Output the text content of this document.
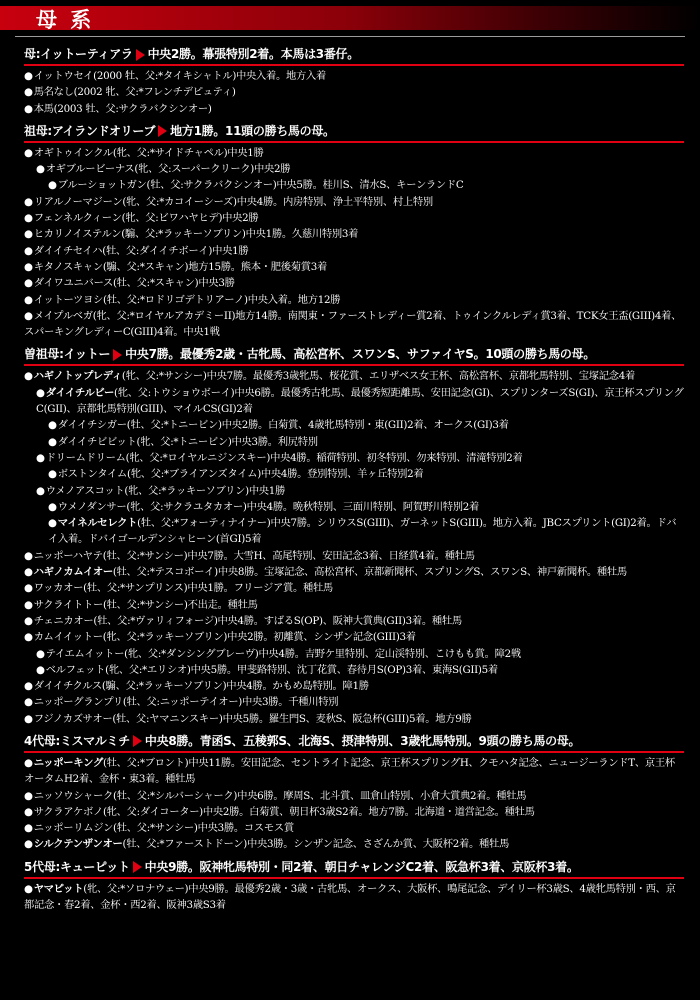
母 系
母:イットーティアラ 中央2勝。幕張特別2着。本馬は3番仔。
●イットウセイ(2000 牡、父:*タイキシャトル)中央入着。地方入着
●馬名なし(2002 牝、父:*フレンチデピュティ)
●本馬(2003 牡、父:サクラバクシンオー)
祖母:アイランドオリーブ 地方1勝。11頭の勝ち馬の母。
●オギトゥインクル(牝、父:*サイドチャペル)中央1勝
●オギブルービーナス(牝、父:スーパークリーク)中央2勝
●ブルーショットガン(牡、父:サクラバクシンオー)中央5勝。桂川S、清水S、キーンランドC
●リアルノーマジーン(牝、父:*カコイーシーズ)中央4勝。内房特別、浄土平特別、村上特別
●フェンネルクィーン(牝、父:ビワハヤヒデ)中央2勝
●ヒカリノイステルン(騸、父:*ラッキーソブリン)中央1勝。久慈川特別3着
●ダイイチセイハ(牡、父:ダイイチボーイ)中央1勝
●キタノスキャン(騸、父:*スキャン)地方15勝。熊本・肥後菊賞3着
●ダイワユニバース(牡、父:*スキャン)中央3勝
●イットーツヨシ(牡、父:*ロドリゴデトリアーノ)中央入着。地方12勝
●メイプルベガ(牝、父:*ロイヤルアカデミーII)地方14勝。南関東・ファーストレディー賞2着、トゥインクルレディ賞3着、TCK女王盃(GIII)4着、スパーキングレディーC(GIII)4着。中央1戦
曽祖母:イットー 中央7勝。最優秀2歳・古牝馬、高松宮杯、スワンS、サファイヤS。10頭の勝ち馬の母。
●ハギノトップレディ(牝、父:*サンシー)中央7勝。最優秀3歳牝馬、桜花賞、エリザベス女王杯、高松宮杯、京都牝馬特別、宝塚記念4着
●ダイイチルビー(牝、父:トウショウボーイ)中央6勝。最優秀古牝馬、最優秀短距離馬、安田記念(GI)、スプリンターズS(GI)、京王杯スプリングC(GII)、京都牝馬特別(GIII)、マイルCS(GI)2着
●ダイイチシガー(牡、父:*トニービン)中央2勝。白菊賞、4歳牝馬特別・東(GII)2着、オークス(GI)3着
●ダイイチビビット(牝、父:*トニービン)中央3勝。利尻特別
●ドリームドリーム(牝、父:*ロイヤルニジンスキー)中央4勝。稲荷特別、初冬特別、勿来特別、清滝特別2着
●ボストンタイム(牝、父:*ブライアンズタイム)中央4勝。登別特別、羊ヶ丘特別2着
●ウメノアスコット(牝、父:*ラッキーソブリン)中央1勝
●ウメノダンサー(牝、父:サクラユタカオー)中央4勝。晩秋特別、三面川特別、阿賀野川特別2着
●マイネルセレクト(牡、父:*フォーティナイナー)中央7勝。シリウスS(GIII)、ガーネットS(GIII)。地方入着。JBCスプリント(GI)2着。ドバイ入着。ドバイゴールデンシャヒーン(首GI)5着
●ニッポーハヤテ(牡、父:*サンシー)中央7勝。大雪H、高尾特別、安田記念3着、日経賞4着。種牡馬
●ハギノカムイオー(牡、父:*テスコボーイ)中央8勝。宝塚記念、高松宮杯、京都新聞杯、スプリングS、スワンS、神戸新聞杯。種牡馬
●ワッカオー(牡、父:*サンプリンス)中央1勝。フリージア賞。種牡馬
●サクライトトー(牡、父:*サンシー)不出走。種牡馬
●チェニカオー(牡、父:*ヴァリィフォージ)中央4勝。すばるS(OP)、阪神大賞典(GII)3着。種牡馬
●カムイイットー(牝、父:*ラッキーソブリン)中央2勝。初離賞、シンザン記念(GIII)3着
●テイエムイットー(牝、父:*ダンシングブレーヴ)中央4勝。吉野ケ里特別、定山渓特別、こけもも賞。障2戦
●ベルフェット(牝、父:*エリシオ)中央5勝。甲斐路特別、沈丁花賞、春待月S(OP)3着、東海S(GII)5着
●ダイイチクルス(騸、父:*ラッキーソブリン)中央4勝。かもめ島特別。障1勝
●ニッポーグランプリ(牡、父:ニッポーテイオー)中央3勝。千種川特別
●フジノカズサオー(牡、父:ヤマニンスキー)中央5勝。羅生門S、麦秋S、阪急杯(GIII)5着。地方9勝
4代母:ミスマルミチ 中央8勝。青函S、五稜郭S、北海S、摂津特別、3歳牝馬特別。9頭の勝ち馬の母。
●ニッポーキング(牡、父:*ブロント)中央11勝。安田記念、セントライト記念、京王杯スプリングH、クモハタ記念、ニュージーランドT、京王杯オータムH2着、金杯・東3着。種牡馬
●ニッソウシャーク(牡、父:*シルバーシャーク)中央6勝。摩周S、北斗賞、皿倉山特別、小倉大賞典2着。種牡馬
●サクラアケボノ(牝、父:ダイコーター)中央2勝。白菊賞、朝日杯3歳S2着。地方7勝。北海道・道営記念。種牡馬
●ニッポーリムジン(牡、父:*サンシー)中央3勝。コスモス賞
●シルクテンザンオー(牡、父:*ファーストドーン)中央3勝。シンザン記念、さざんか賞、大阪杯2着。種牡馬
5代母:キューピット 中央9勝。阪神牝馬特別・同2着、朝日チャレンジC2着、阪急杯3着、京阪杯3着。
●ヤマピット(牝、父:*ソロナウェー)中央9勝。最優秀2歳・3歳・古牝馬、オークス、大阪杯、鳴尾記念、デイリー杯3歳S、4歳牝馬特別・西、京都記念・春2着、金杯・西2着、阪神3歳S3着
